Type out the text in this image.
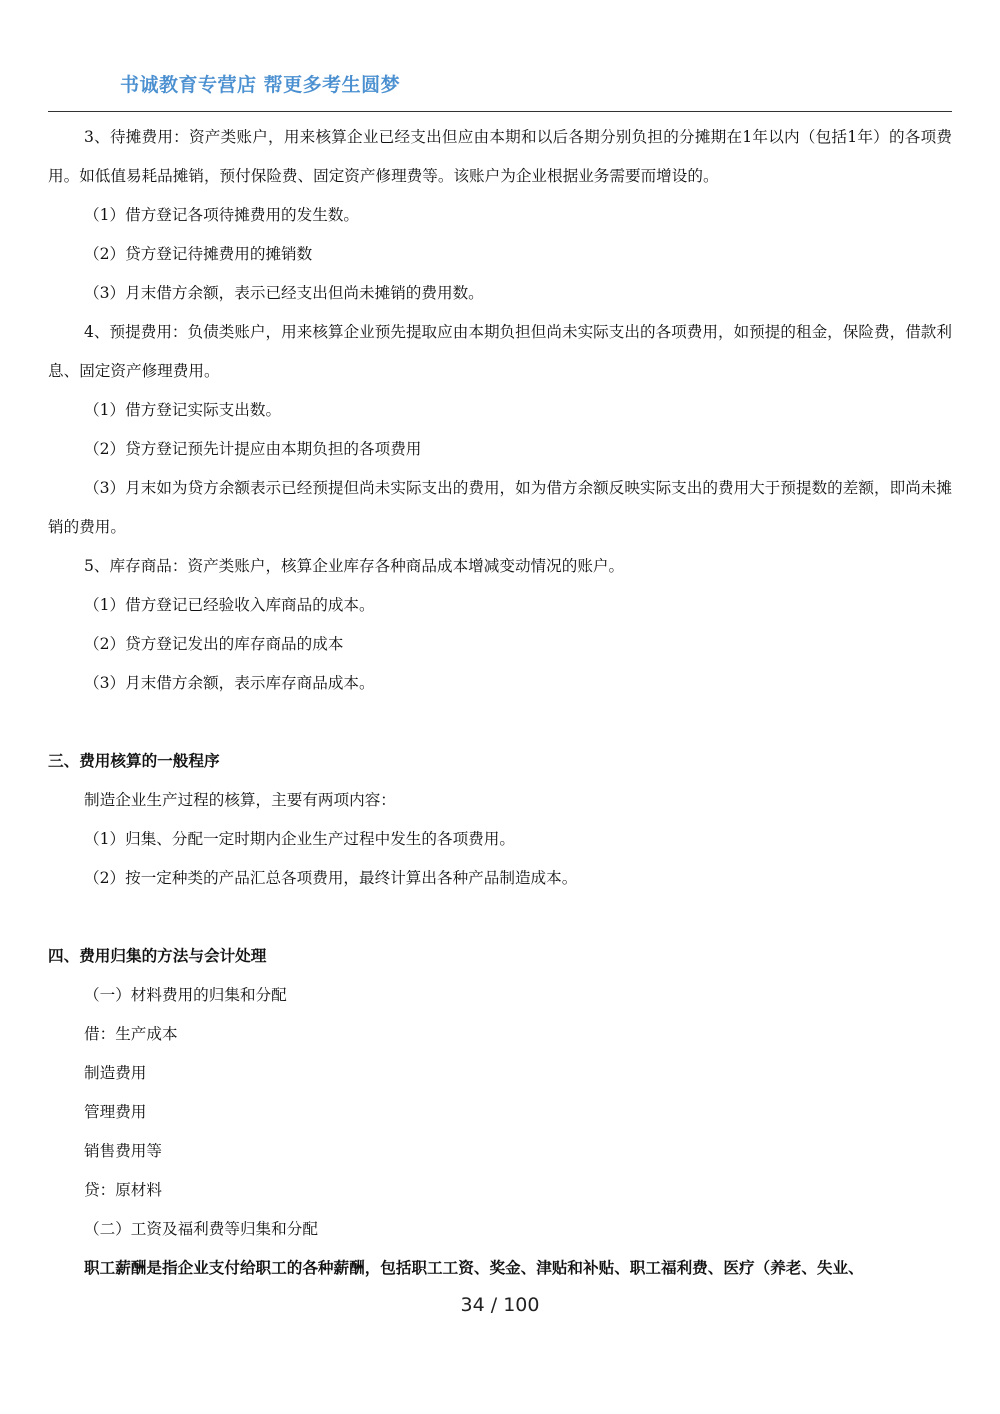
书诚教育专营店 帮更多考生圆梦

3、待摊费用：资产类账户，用来核算企业已经支出但应由本期和以后各期分别负担的分摊期在1年以内（包括1年）的各项费用。如低值易耗品摊销，预付保险费、固定资产修理费等。该账户为企业根据业务需要而增设的。

（1）借方登记各项待摊费用的发生数。

（2）贷方登记待摊费用的摊销数

（3）月末借方余额，表示已经支出但尚未摊销的费用数。

4、预提费用：负债类账户，用来核算企业预先提取应由本期负担但尚未实际支出的各项费用，如预提的租金，保险费，借款利息、固定资产修理费用。

（1）借方登记实际支出数。

（2）贷方登记预先计提应由本期负担的各项费用

（3）月末如为贷方余额表示已经预提但尚未实际支出的费用，如为借方余额反映实际支出的费用大于预提数的差额，即尚未摊销的费用。

5、库存商品：资产类账户，核算企业库存各种商品成本增减变动情况的账户。

（1）借方登记已经验收入库商品的成本。

（2）贷方登记发出的库存商品的成本

（3）月末借方余额，表示库存商品成本。

三、费用核算的一般程序

制造企业生产过程的核算，主要有两项内容：

（1）归集、分配一定时期内企业生产过程中发生的各项费用。

（2）按一定种类的产品汇总各项费用，最终计算出各种产品制造成本。

四、费用归集的方法与会计处理

（一）材料费用的归集和分配

借：生产成本

制造费用

管理费用

销售费用等

贷：原材料

（二）工资及福利费等归集和分配

职工薪酬是指企业支付给职工的各种薪酬，包括职工工资、奖金、津贴和补贴、职工福利费、医疗（养老、失业、

34 / 100
